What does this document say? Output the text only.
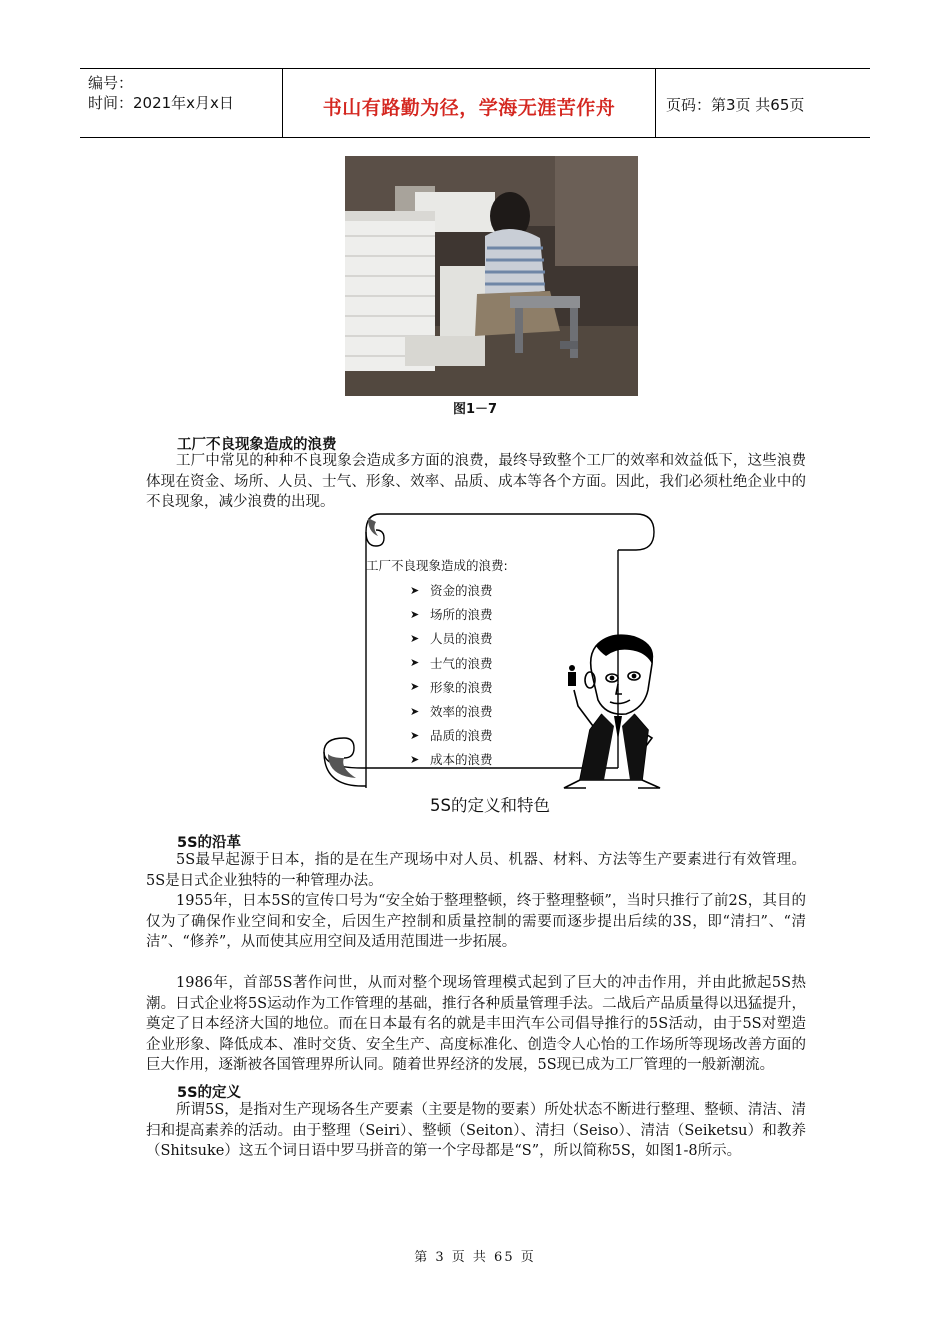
编号：
时间：2021年x月x日	书山有路勤为径，学海无涯苦作舟	页码：第3页 共65页
图1－7
工厂不良现象造成的浪费

工厂中常见的种种不良现象会造成多方面的浪费，最终导致整个工厂的效率和效益低下，这些浪费体现在资金、场所、人员、士气、形象、效率、品质、成本等各个方面。因此，我们必须杜绝企业中的不良现象，减少浪费的出现。

工厂不良现象造成的浪费:
➤ 资金的浪费
➤ 场所的浪费
➤ 人员的浪费
➤ 士气的浪费
➤ 形象的浪费
➤ 效率的浪费
➤ 品质的浪费
➤ 成本的浪费
5S的定义和特色
5S的沿革

5S最早起源于日本，指的是在生产现场中对人员、机器、材料、方法等生产要素进行有效管理。5S是日式企业独特的一种管理办法。

1955年，日本5S的宣传口号为“安全始于整理整顿，终于整理整顿”，当时只推行了前2S，其目的仅为了确保作业空间和安全，后因生产控制和质量控制的需要而逐步提出后续的3S，即“清扫”、“清洁”、“修养”，从而使其应用空间及适用范围进一步拓展。

1986年，首部5S著作问世，从而对整个现场管理模式起到了巨大的冲击作用，并由此掀起5S热潮。日式企业将5S运动作为工作管理的基础，推行各种质量管理手法。二战后产品质量得以迅猛提升，奠定了日本经济大国的地位。而在日本最有名的就是丰田汽车公司倡导推行的5S活动，由于5S对塑造企业形象、降低成本、准时交货、安全生产、高度标准化、创造令人心怡的工作场所等现场改善方面的巨大作用，逐渐被各国管理界所认同。随着世界经济的发展，5S现已成为工厂管理的一般新潮流。

5S的定义

所谓5S，是指对生产现场各生产要素（主要是物的要素）所处状态不断进行整理、整顿、清洁、清扫和提高素养的活动。由于整理（Seiri）、整顿（Seiton）、清扫（Seiso）、清洁（Seiketsu）和教养（Shitsuke）这五个词日语中罗马拼音的第一个字母都是“S”，所以简称5S，如图1-8所示。

第 3 页 共 65 页
